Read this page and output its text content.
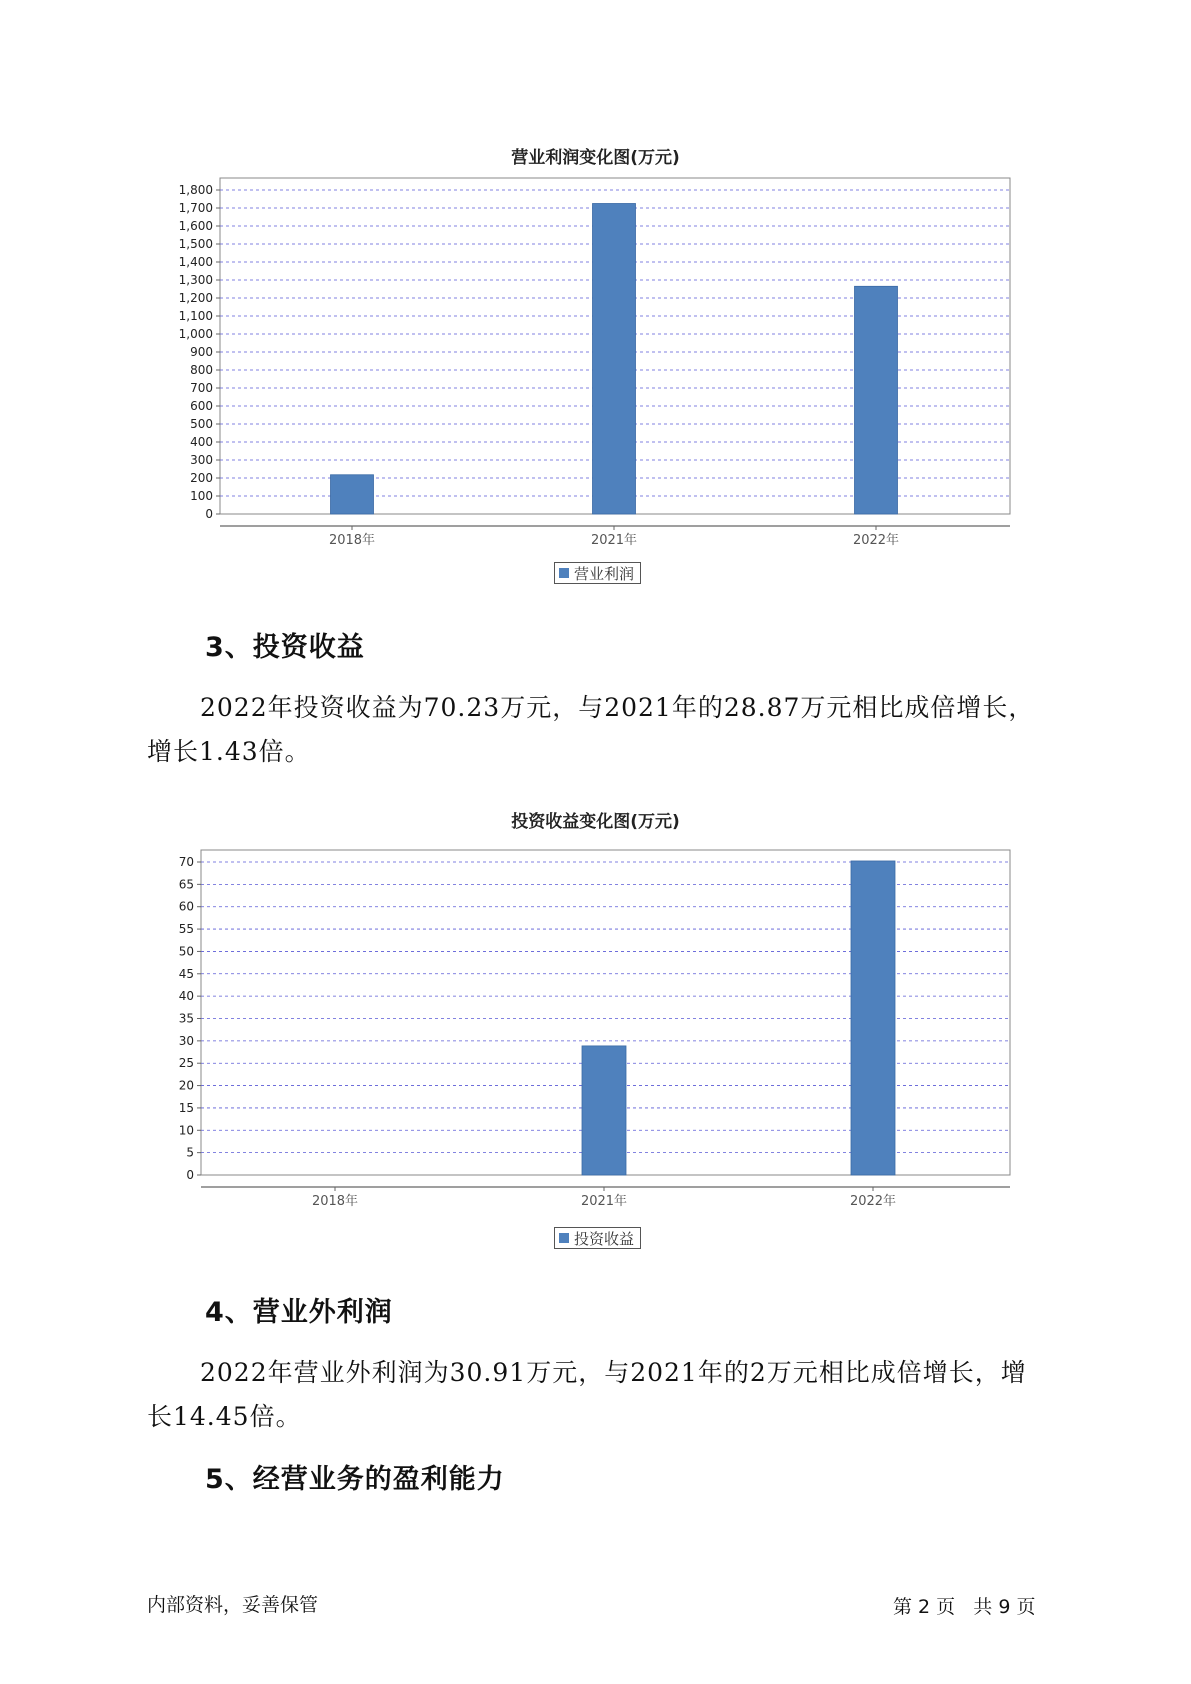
营业利润变化图(万元)
0
100
200
300
400
500
600
700
800
900
1,000
1,100
1,200
1,300
1,400
1,500
1,600
1,700
1,800
2018年	2021年	2022年
营业利润
3、投资收益
2022年投资收益为70.23万元，与2021年的28.87万元相比成倍增长，
增长1.43倍。
投资收益变化图(万元)
0
5
10
15
20
25
30
35
40
45
50
55
60
65
70
2018年	2021年	2022年
投资收益
4、营业外利润
2022年营业外利润为30.91万元，与2021年的2万元相比成倍增长，增
长14.45倍。
5、经营业务的盈利能力
内部资料，妥善保管	第 2 页   共 9 页
